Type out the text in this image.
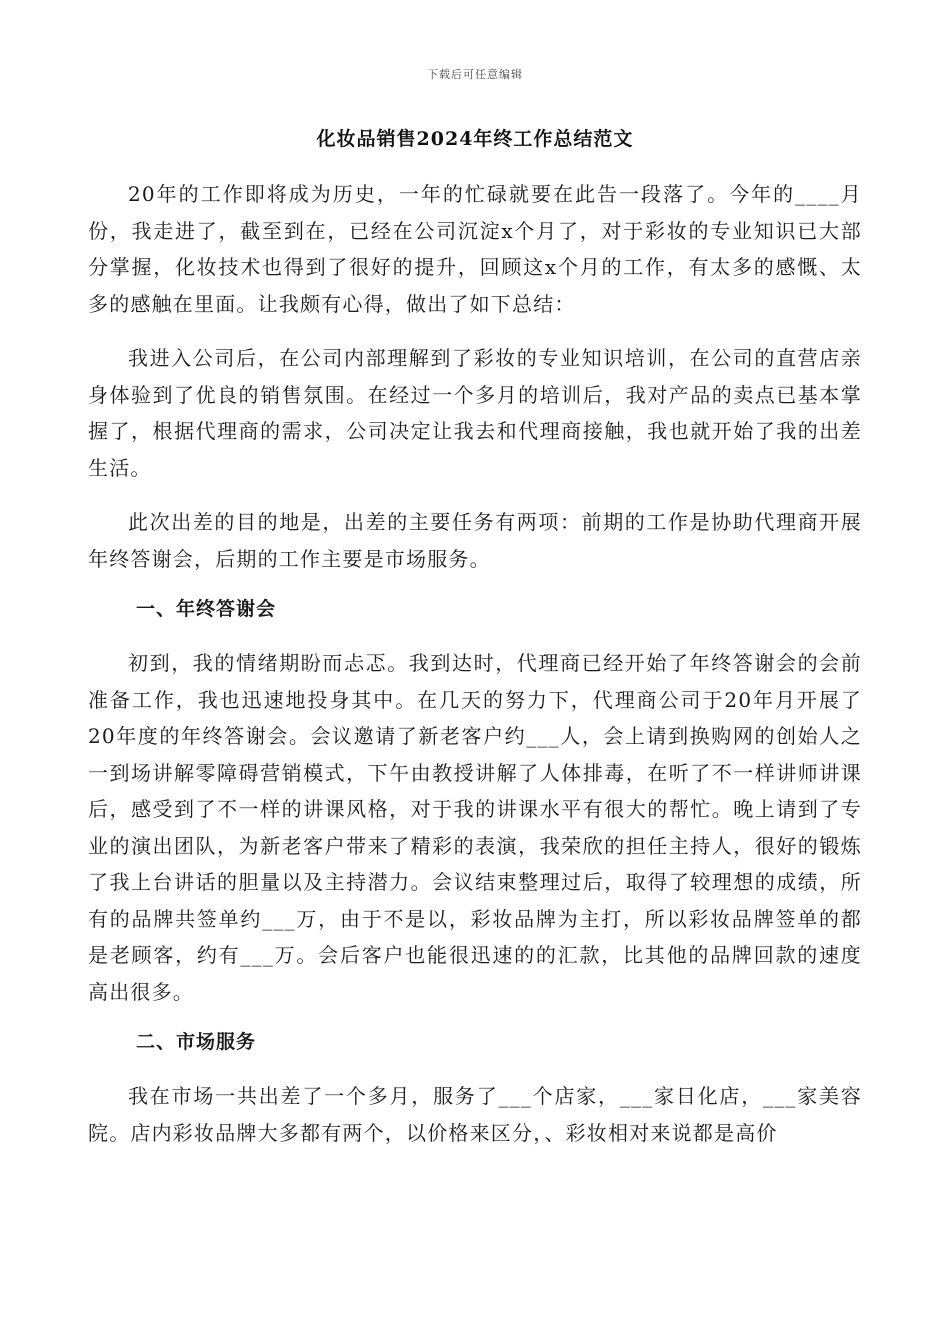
下载后可任意编辑
化妆品销售2024年终工作总结范文

20年的工作即将成为历史，一年的忙碌就要在此告一段落了。今年的____月份，我走进了，截至到在，已经在公司沉淀x个月了，对于彩妆的专业知识已大部分掌握，化妆技术也得到了很好的提升，回顾这x个月的工作，有太多的感慨、太多的感触在里面。让我颇有心得，做出了如下总结：

我进入公司后，在公司内部理解到了彩妆的专业知识培训，在公司的直营店亲身体验到了优良的销售氛围。在经过一个多月的培训后，我对产品的卖点已基本掌握了，根据代理商的需求，公司决定让我去和代理商接触，我也就开始了我的出差生活。

此次出差的目的地是，出差的主要任务有两项：前期的工作是协助代理商开展年终答谢会，后期的工作主要是市场服务。

一、年终答谢会

初到，我的情绪期盼而忐忑。我到达时，代理商已经开始了年终答谢会的会前准备工作，我也迅速地投身其中。在几天的努力下，代理商公司于20年月开展了20年度的年终答谢会。会议邀请了新老客户约___人，会上请到换购网的创始人之一到场讲解零障碍营销模式，下午由教授讲解了人体排毒，在听了不一样讲师讲课后，感受到了不一样的讲课风格，对于我的讲课水平有很大的帮忙。晚上请到了专业的演出团队，为新老客户带来了精彩的表演，我荣欣的担任主持人，很好的锻炼了我上台讲话的胆量以及主持潜力。会议结束整理过后，取得了较理想的成绩，所有的品牌共签单约___万，由于不是以，彩妆品牌为主打，所以彩妆品牌签单的都是老顾客，约有___万。会后客户也能很迅速的的汇款，比其他的品牌回款的速度高出很多。

二、市场服务

我在市场一共出差了一个多月，服务了___个店家，___家日化店，___家美容院。店内彩妆品牌大多都有两个，以价格来区分，、彩妆相对来说都是高价
